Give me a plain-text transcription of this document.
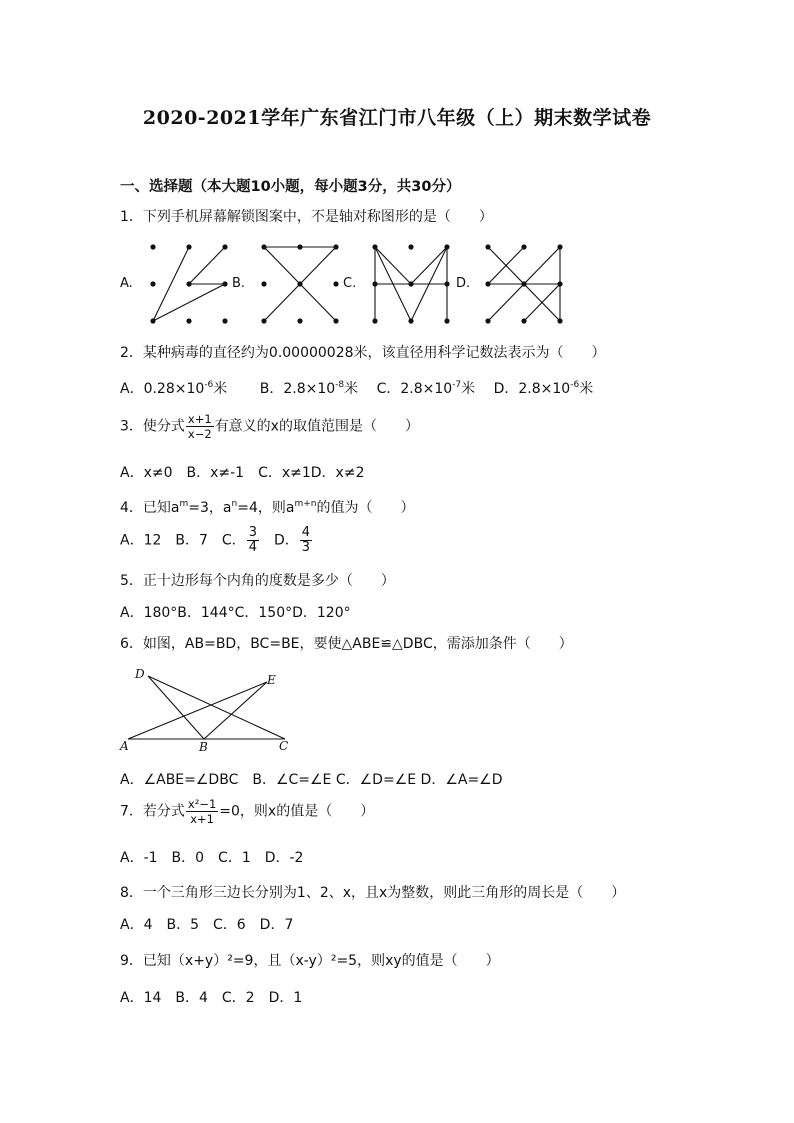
2020-2021学年广东省江门市八年级（上）期末数学试卷
一、选择题（本大题10小题，每小题3分，共30分）
1．下列手机屏幕解锁图案中，不是轴对称图形的是（　　）
A.	B.	C.	D.
2．某种病毒的直径约为0.00000028米，该直径用科学记数法表示为（　　）
A．$0.28\times 10^{-6}$米 B．$2.8\times 10^{-8}$米 C．$2.8\times 10^{-7}$米 D．$2.8\times 10^{-6}$米
3．使分式 $\frac{x+1}{x-2}$ 有意义的x的取值范围是（　　）
A．x≠0　B．x≠-1　C．x≠1D．x≠2
4．已知$a^m=3$，$a^n=4$，则$a^{m+n}$的值为（　　）
A．12　B．7　C． $\frac{3}{4}$ D． $\frac{4}{3}$
5．正十边形每个内角的度数是多少（　　）
A．180°B．144°C．150°D．120°
6．如图，AB=BD，BC=BE，要使△ABE≌△DBC，需添加条件（　　）
D	E
A	B	C
A．∠ABE=∠DBC　B．∠C=∠E C．∠D=∠E D．∠A=∠D
7．若分式 $\frac{\text{x²−1}}{x+1} =0$，则x的值是（　　）
A．-1　B．0　C．1　D．-2
8．一个三角形三边长分别为1、2、x，且x为整数，则此三角形的周长是（　　）
A．4　B．5　C．6　D．7
9．已知（x+y）²=9，且（x-y）²=5，则xy的值是（　　）
A．14　B．4　C．2　D．1
